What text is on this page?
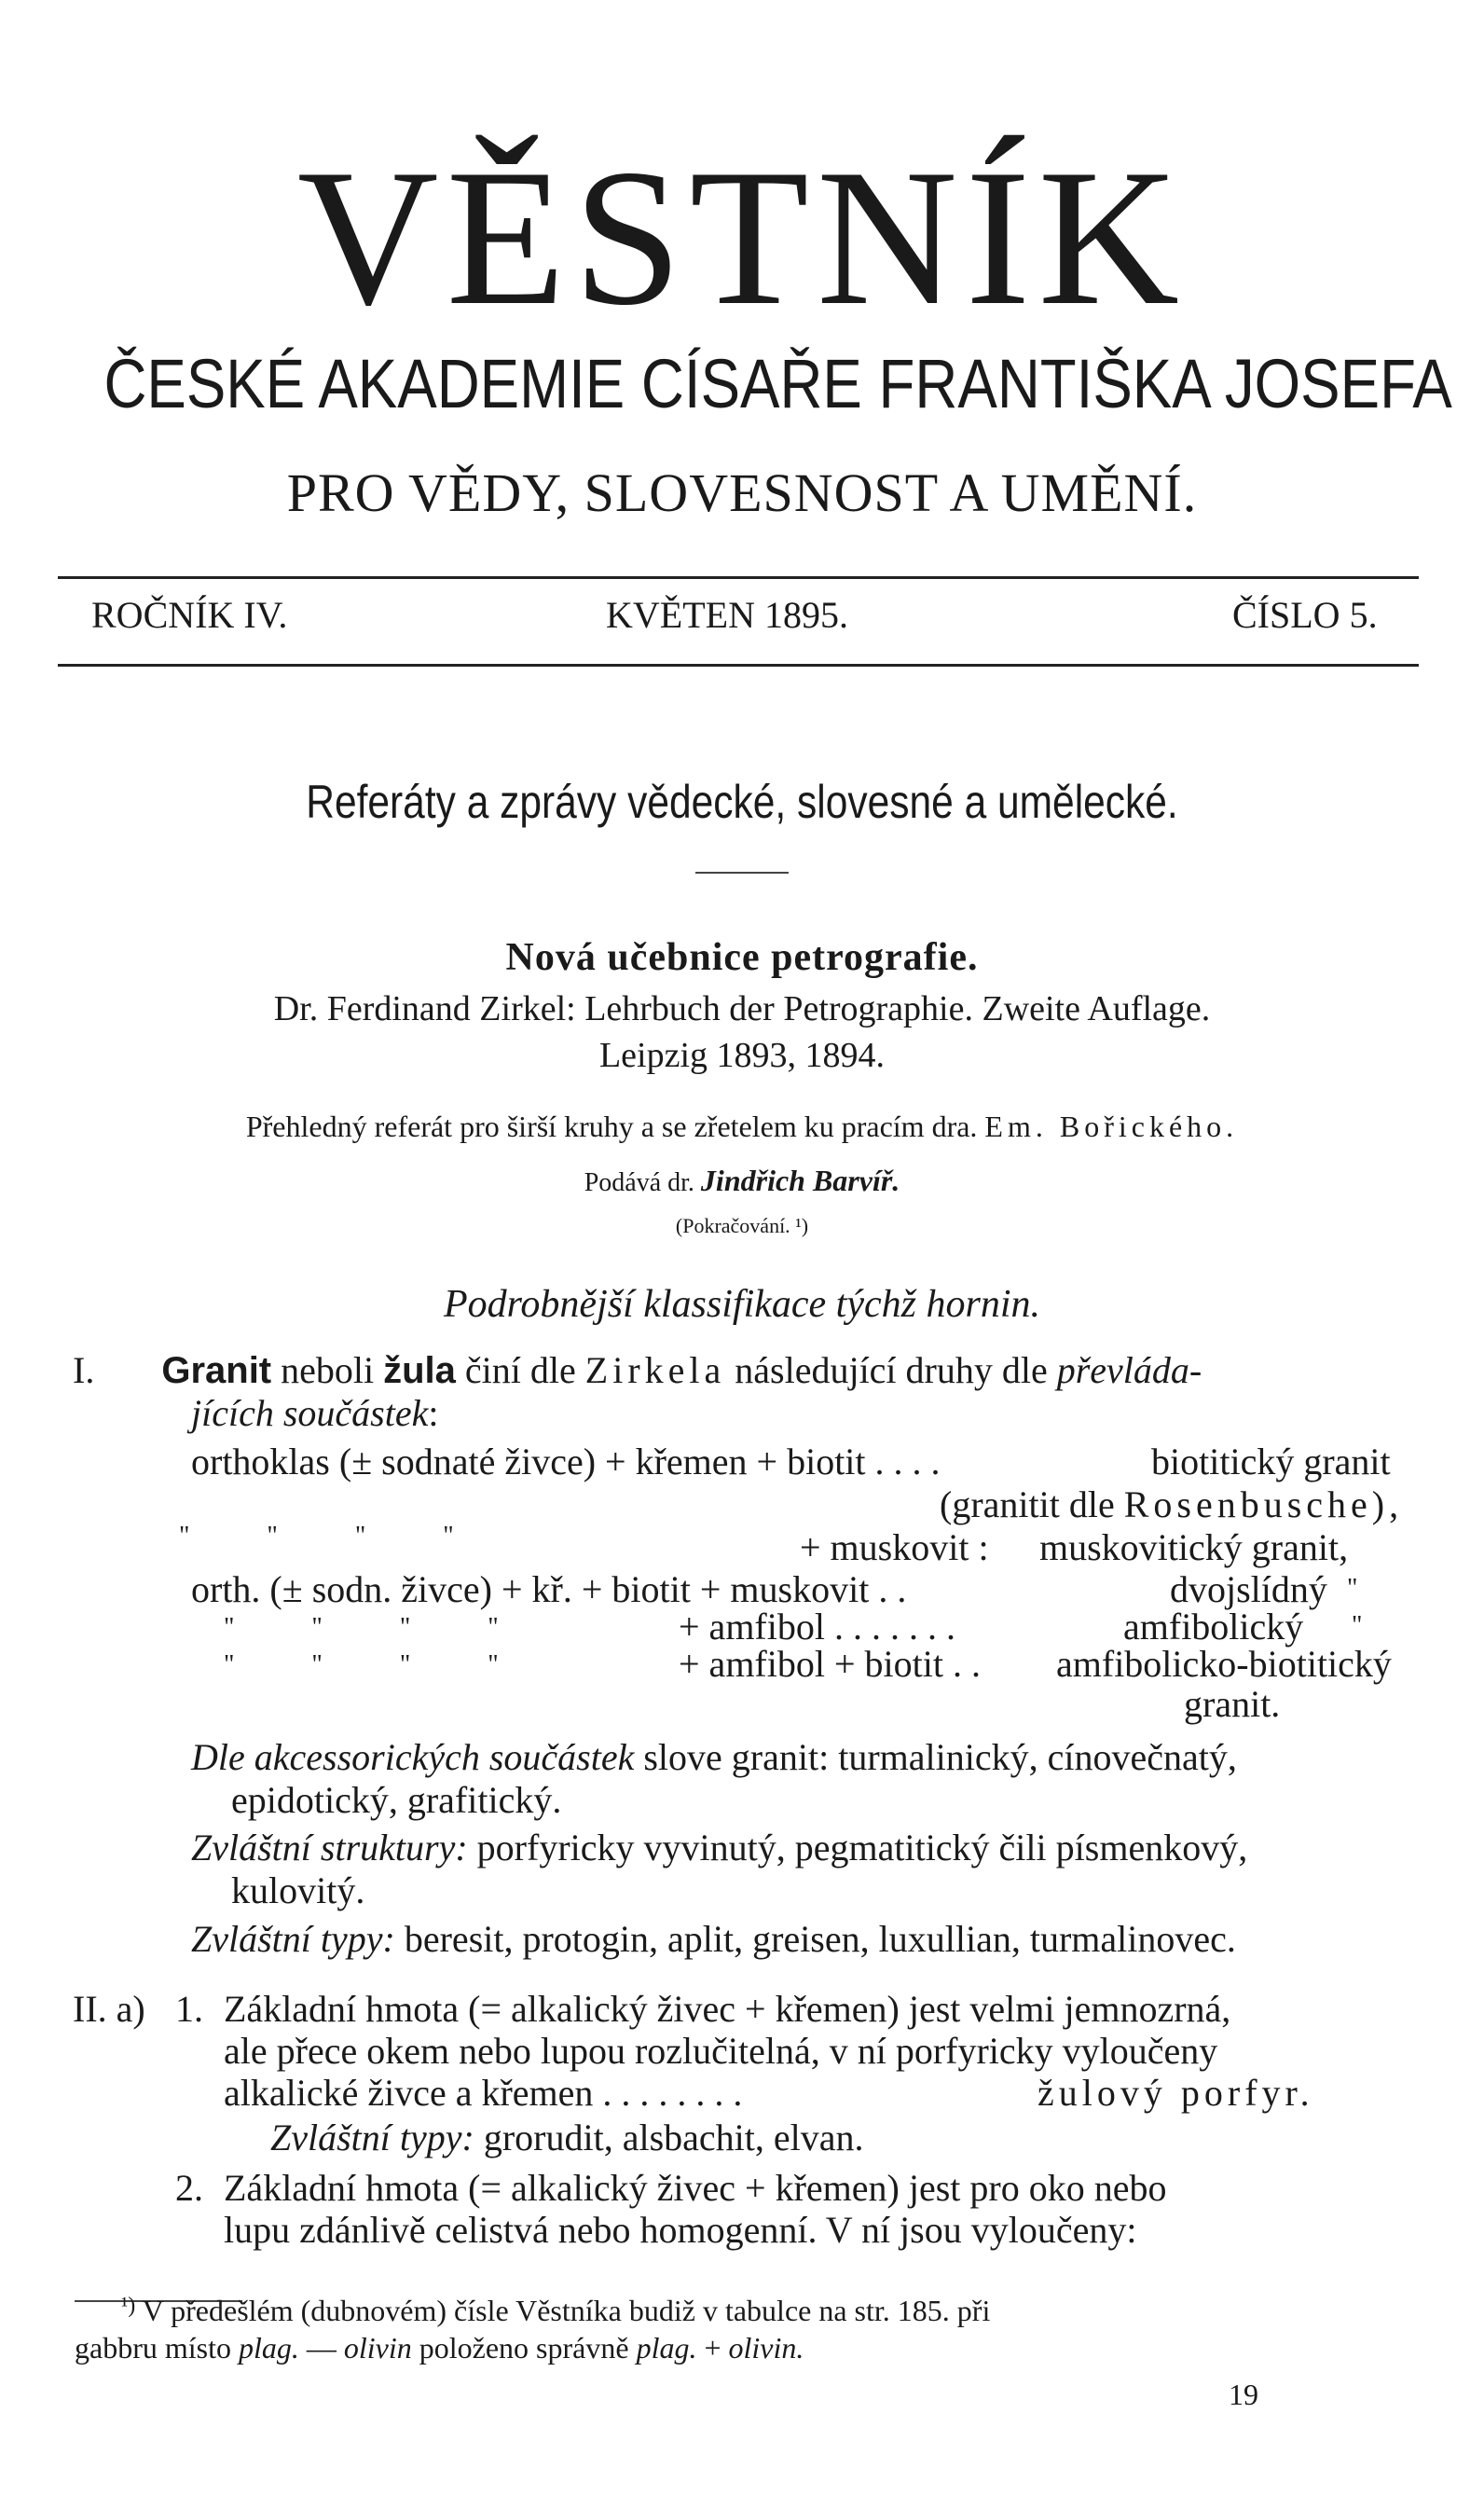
VĚSTNÍK
ČESKÉ AKADEMIE CÍSAŘE FRANTIŠKA JOSEFA
PRO VĚDY, SLOVESNOST A UMĚNÍ.
ROČNÍK IV.	KVĚTEN 1895.	ČÍSLO 5.
Referáty a zprávy vědecké, slovesné a umělecké.
Nová učebnice petrografie.
Dr. Ferdinand Zirkel: Lehrbuch der Petrographie. Zweite Auflage.
Leipzig 1893, 1894.
Přehledný referát pro širší kruhy a se zřetelem ku pracím dra. Em. Bořického.
Podává dr. Jindřich Barvíř.
(Pokračování. ¹)
Podrobnější klassifikace týchž hornin.
I. Granit neboli žula činí dle Zirkela následující druhy dle převláda-
jících součástek:
orthoklas (± sodnaté živce) + křemen + biotit . . . .	biotitický granit
(granitit dle Rosenbusche),
" " " "	+ muskovit : muskovitický granit,
orth. (± sodn. živce) + kř. + biotit + muskovit . .	dvojslídný "
" " " "	+ amfibol . . . . . . .	amfibolický "
" " " "	+ amfibol + biotit . . amfibolicko-biotitický
granit.
Dle akcessorických součástek slove granit: turmalinický, cínovečnatý,
epidotický, grafitický.
Zvláštní struktury: porfyricky vyvinutý, pegmatitický čili písmenkový,
kulovitý.
Zvláštní typy: beresit, protogin, aplit, greisen, luxullian, turmalinovec.
II. a) 1. Základní hmota (= alkalický živec + křemen) jest velmi jemnozrná,
ale přece okem nebo lupou rozlučitelná, v ní porfyricky vyloučeny
alkalické živce a křemen . . . . . . . .	žulový porfyr.
Zvláštní typy: grorudit, alsbachit, elvan.
2. Základní hmota (= alkalický živec + křemen) jest pro oko nebo
lupu zdánlivě celistvá nebo homogenní. V ní jsou vyloučeny:
$^{^1)}$ V předešlém (dubnovém) čísle Věstníka budiž v tabulce na str. 185. při
gabbru místo plag. — olivin položeno správně plag. + olivin.
19
